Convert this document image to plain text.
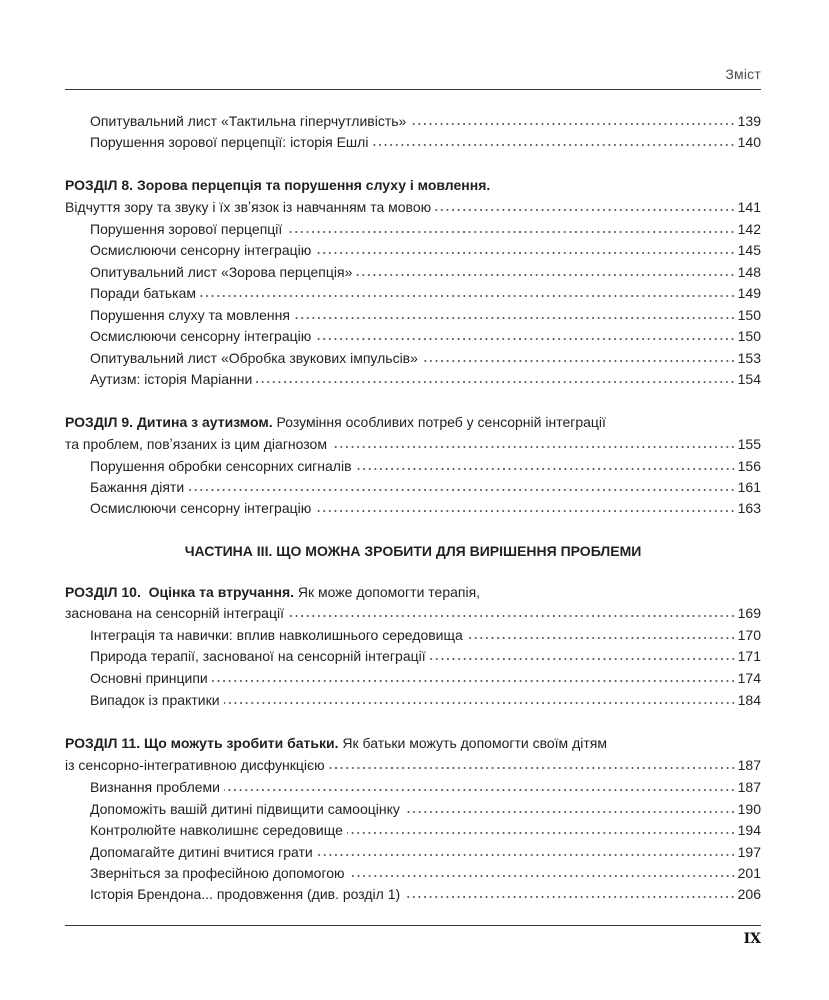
Зміст
Опитувальний лист «Тактильна гіперчутливість»	139
Порушення зорової перцепції: історія Ешлі	140
РОЗДІЛ 8. Зорова перцепція та порушення слуху і мовлення.
Відчуття зору та звуку і їх звʼязок із навчанням та мовою	141
Порушення зорової перцепції	142
Осмислюючи сенсорну інтеграцію	145
Опитувальний лист «Зорова перцепція»	148
Поради батькам	149
Порушення слуху та мовлення	150
Осмислюючи сенсорну інтеграцію	150
Опитувальний лист «Обробка звукових імпульсів»	153
Аутизм: історія Маріанни	154
РОЗДІЛ 9. Дитина з аутизмом. Розуміння особливих потреб у сенсорній інтеграції
та проблем, повʼязаних із цим діагнозом	155
Порушення обробки сенсорних сигналів	156
Бажання діяти	161
Осмислюючи сенсорну інтеграцію	163
ЧАСТИНА III. ЩО МОЖНА ЗРОБИТИ ДЛЯ ВИРІШЕННЯ ПРОБЛЕМИ
РОЗДІЛ 10.  Оцінка та втручання. Як може допомогти терапія,
заснована на сенсорній інтеграції	169
Інтеграція та навички: вплив навколишнього середовища	170
Природа терапії, заснованої на сенсорній інтеграції	171
Основні принципи	174
Випадок із практики	184
РОЗДІЛ 11. Що можуть зробити батьки. Як батьки можуть допомогти своїм дітям
із сенсорно-інтегративною дисфункцією	187
Визнання проблеми	187
Допоможіть вашій дитині підвищити самооцінку	190
Контролюйте навколишнє середовище	194
Допомагайте дитині вчитися грати	197
Зверніться за професійною допомогою	201
Історія Брендона... продовження (див. розділ 1)	206
IX
